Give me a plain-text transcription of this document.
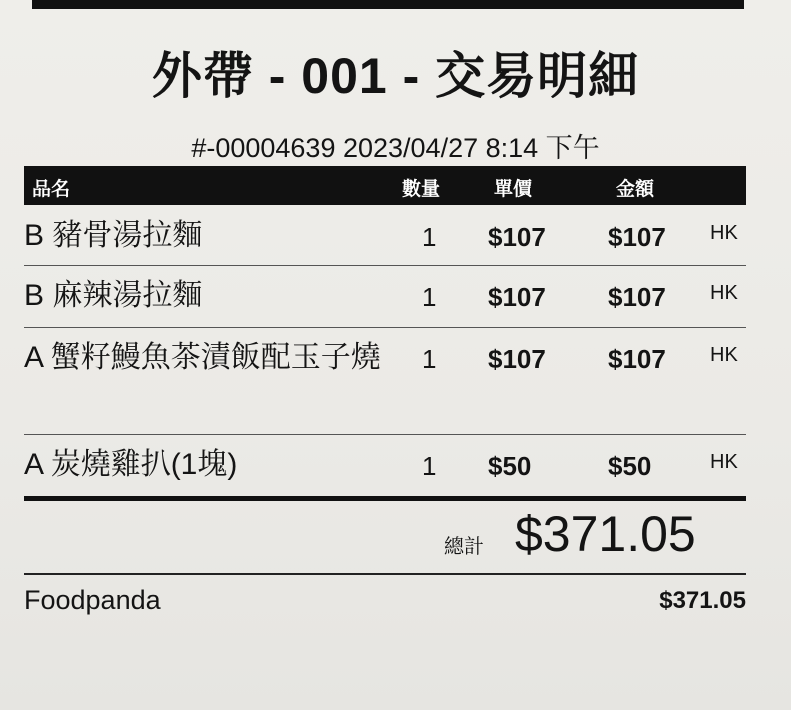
外帶 - 001 - 交易明細
#-00004639 2023/04/27 8:14 下午
品名	數量	單價	金額
B 豬骨湯拉麵	1 $107 $107 HK
B 麻辣湯拉麵	1 $107 $107 HK
A 蟹籽鰻魚茶漬飯配玉子燒 1 $107 $107 HK
A 炭燒雞扒(1塊)	1 $50	$50	HK
總計 $371.05
Foodpanda	$371.05
